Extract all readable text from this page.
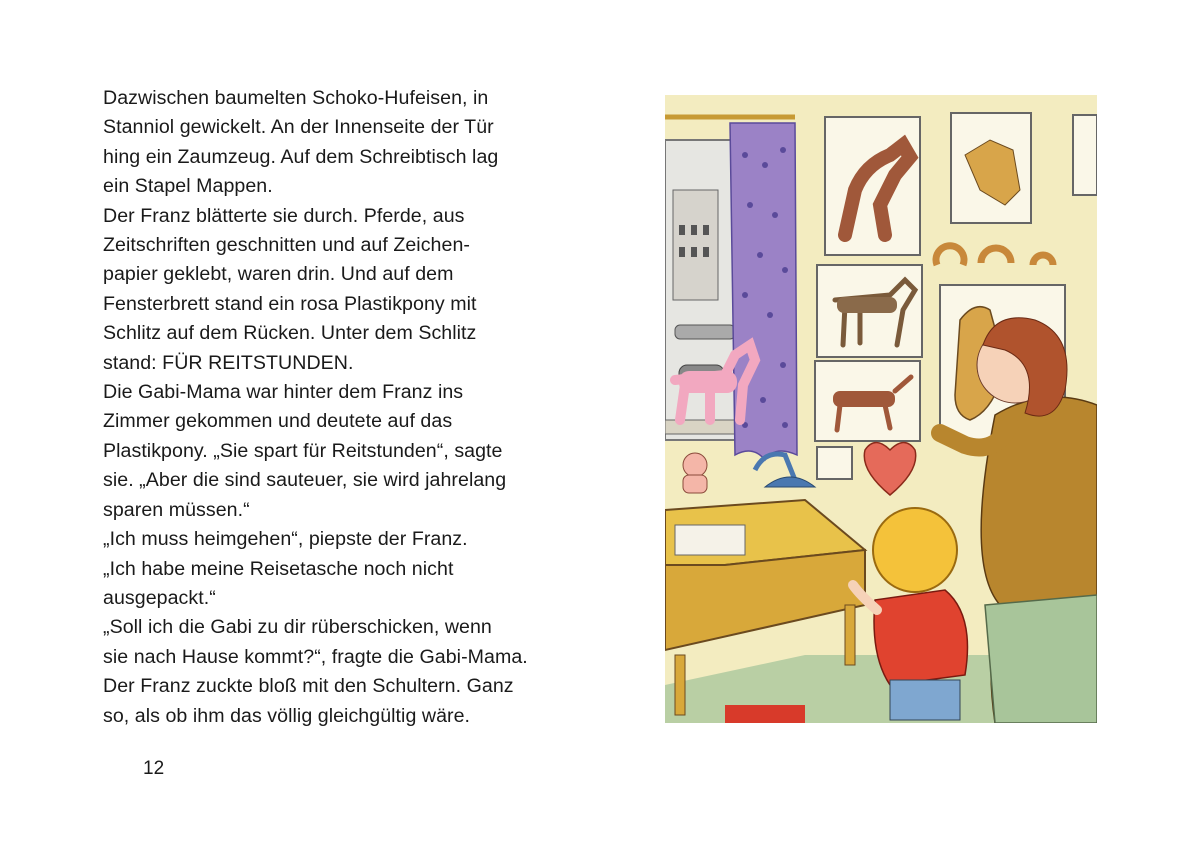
Dazwischen baumelten Schoko-Hufeisen, in
Stanniol gewickelt. An der Innenseite der Tür
hing ein Zaumzeug. Auf dem Schreibtisch lag
ein Stapel Mappen.
Der Franz blätterte sie durch. Pferde, aus
Zeitschriften geschnitten und auf Zeichen-
papier geklebt, waren drin. Und auf dem
Fensterbrett stand ein rosa Plastikpony mit
Schlitz auf dem Rücken. Unter dem Schlitz
stand: FÜR REITSTUNDEN.
Die Gabi-Mama war hinter dem Franz ins
Zimmer gekommen und deutete auf das
Plastikpony. „Sie spart für Reitstunden“, sagte
sie. „Aber die sind sauteuer, sie wird jahrelang
sparen müssen.“
„Ich muss heimgehen“, piepste der Franz.
„Ich habe meine Reisetasche noch nicht
ausgepackt.“
„Soll ich die Gabi zu dir rüberschicken, wenn
sie nach Hause kommt?“, fragte die Gabi-Mama.
Der Franz zuckte bloß mit den Schultern. Ganz
so, als ob ihm das völlig gleichgültig wäre.
12
